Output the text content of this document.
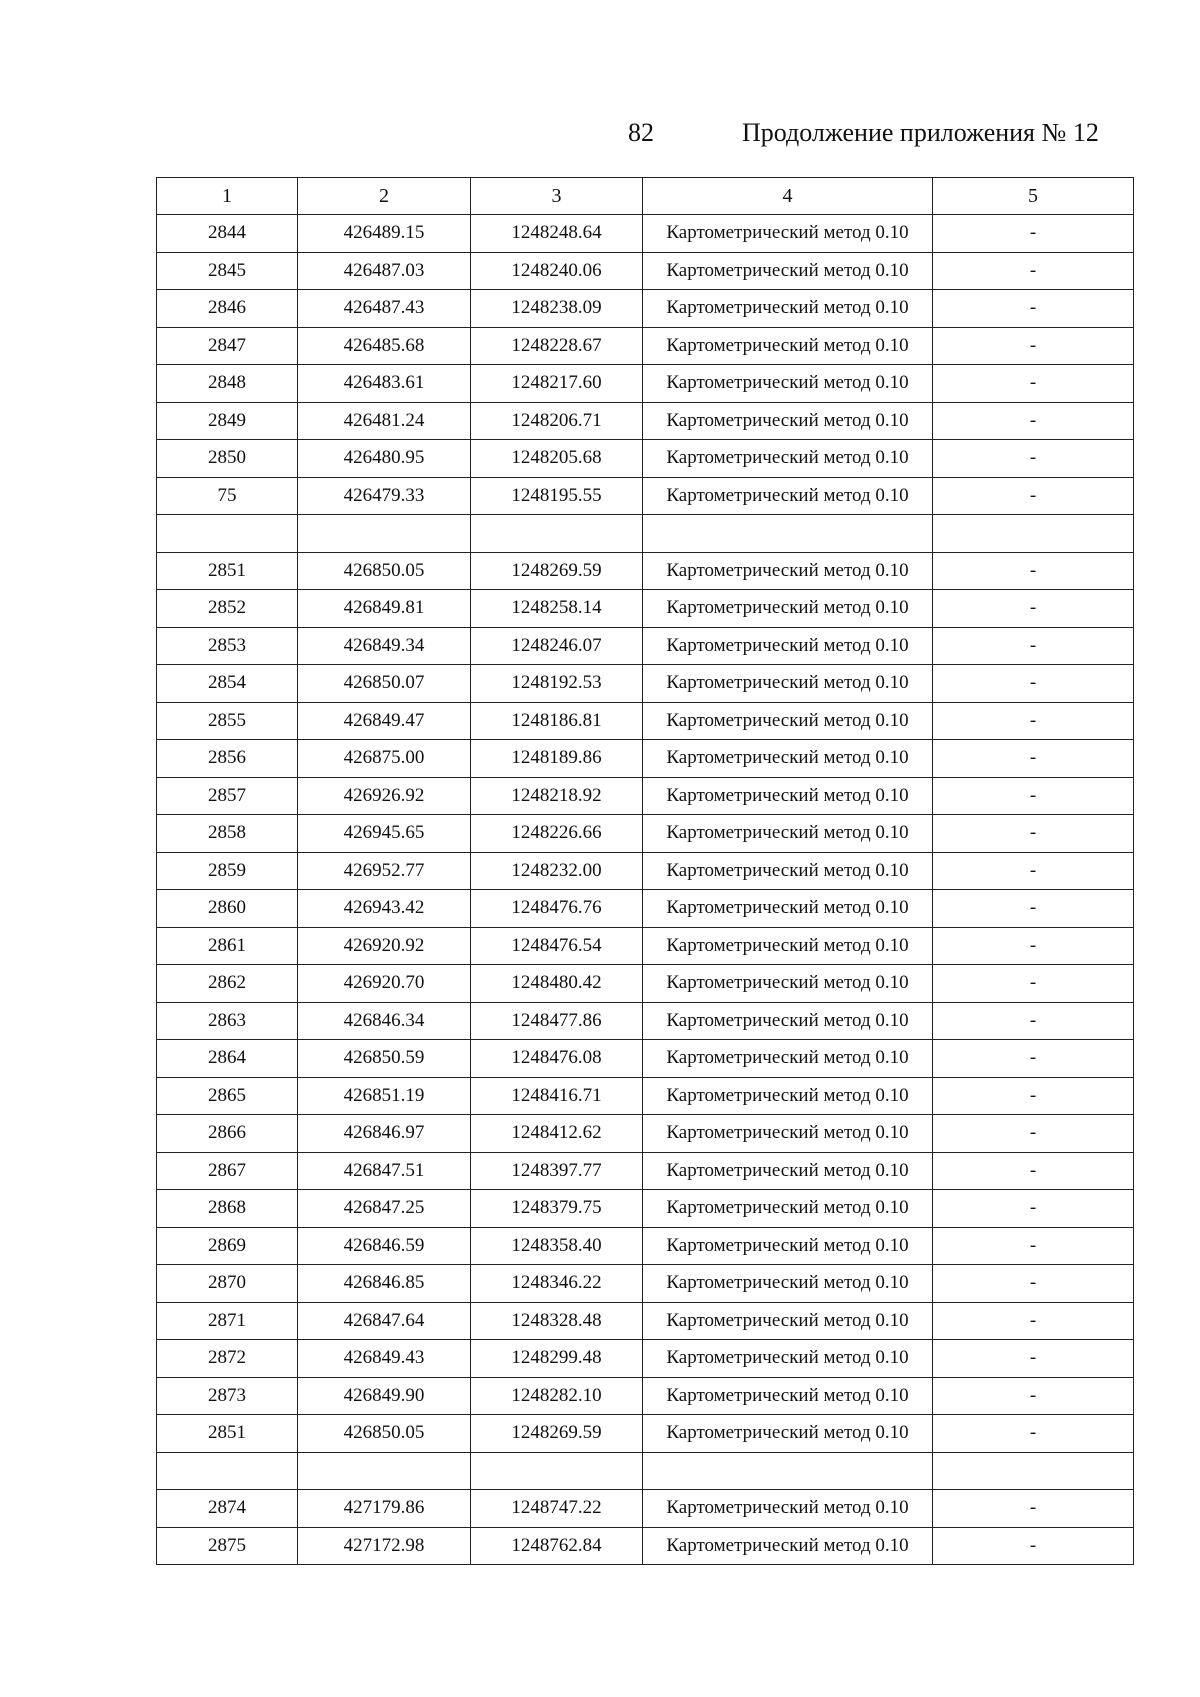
82	Продолжение приложения № 12
1	2	3	4	5
2844	426489.15	1248248.64	Картометрический метод 0.10	-
2845	426487.03	1248240.06	Картометрический метод 0.10	-
2846	426487.43	1248238.09	Картометрический метод 0.10	-
2847	426485.68	1248228.67	Картометрический метод 0.10	-
2848	426483.61	1248217.60	Картометрический метод 0.10	-
2849	426481.24	1248206.71	Картометрический метод 0.10	-
2850	426480.95	1248205.68	Картометрический метод 0.10	-
75	426479.33	1248195.55	Картометрический метод 0.10	-

2851	426850.05	1248269.59	Картометрический метод 0.10	-
2852	426849.81	1248258.14	Картометрический метод 0.10	-
2853	426849.34	1248246.07	Картометрический метод 0.10	-
2854	426850.07	1248192.53	Картометрический метод 0.10	-
2855	426849.47	1248186.81	Картометрический метод 0.10	-
2856	426875.00	1248189.86	Картометрический метод 0.10	-
2857	426926.92	1248218.92	Картометрический метод 0.10	-
2858	426945.65	1248226.66	Картометрический метод 0.10	-
2859	426952.77	1248232.00	Картометрический метод 0.10	-
2860	426943.42	1248476.76	Картометрический метод 0.10	-
2861	426920.92	1248476.54	Картометрический метод 0.10	-
2862	426920.70	1248480.42	Картометрический метод 0.10	-
2863	426846.34	1248477.86	Картометрический метод 0.10	-
2864	426850.59	1248476.08	Картометрический метод 0.10	-
2865	426851.19	1248416.71	Картометрический метод 0.10	-
2866	426846.97	1248412.62	Картометрический метод 0.10	-
2867	426847.51	1248397.77	Картометрический метод 0.10	-
2868	426847.25	1248379.75	Картометрический метод 0.10	-
2869	426846.59	1248358.40	Картометрический метод 0.10	-
2870	426846.85	1248346.22	Картометрический метод 0.10	-
2871	426847.64	1248328.48	Картометрический метод 0.10	-
2872	426849.43	1248299.48	Картометрический метод 0.10	-
2873	426849.90	1248282.10	Картометрический метод 0.10	-
2851	426850.05	1248269.59	Картометрический метод 0.10	-

2874	427179.86	1248747.22	Картометрический метод 0.10	-
2875	427172.98	1248762.84	Картометрический метод 0.10	-
